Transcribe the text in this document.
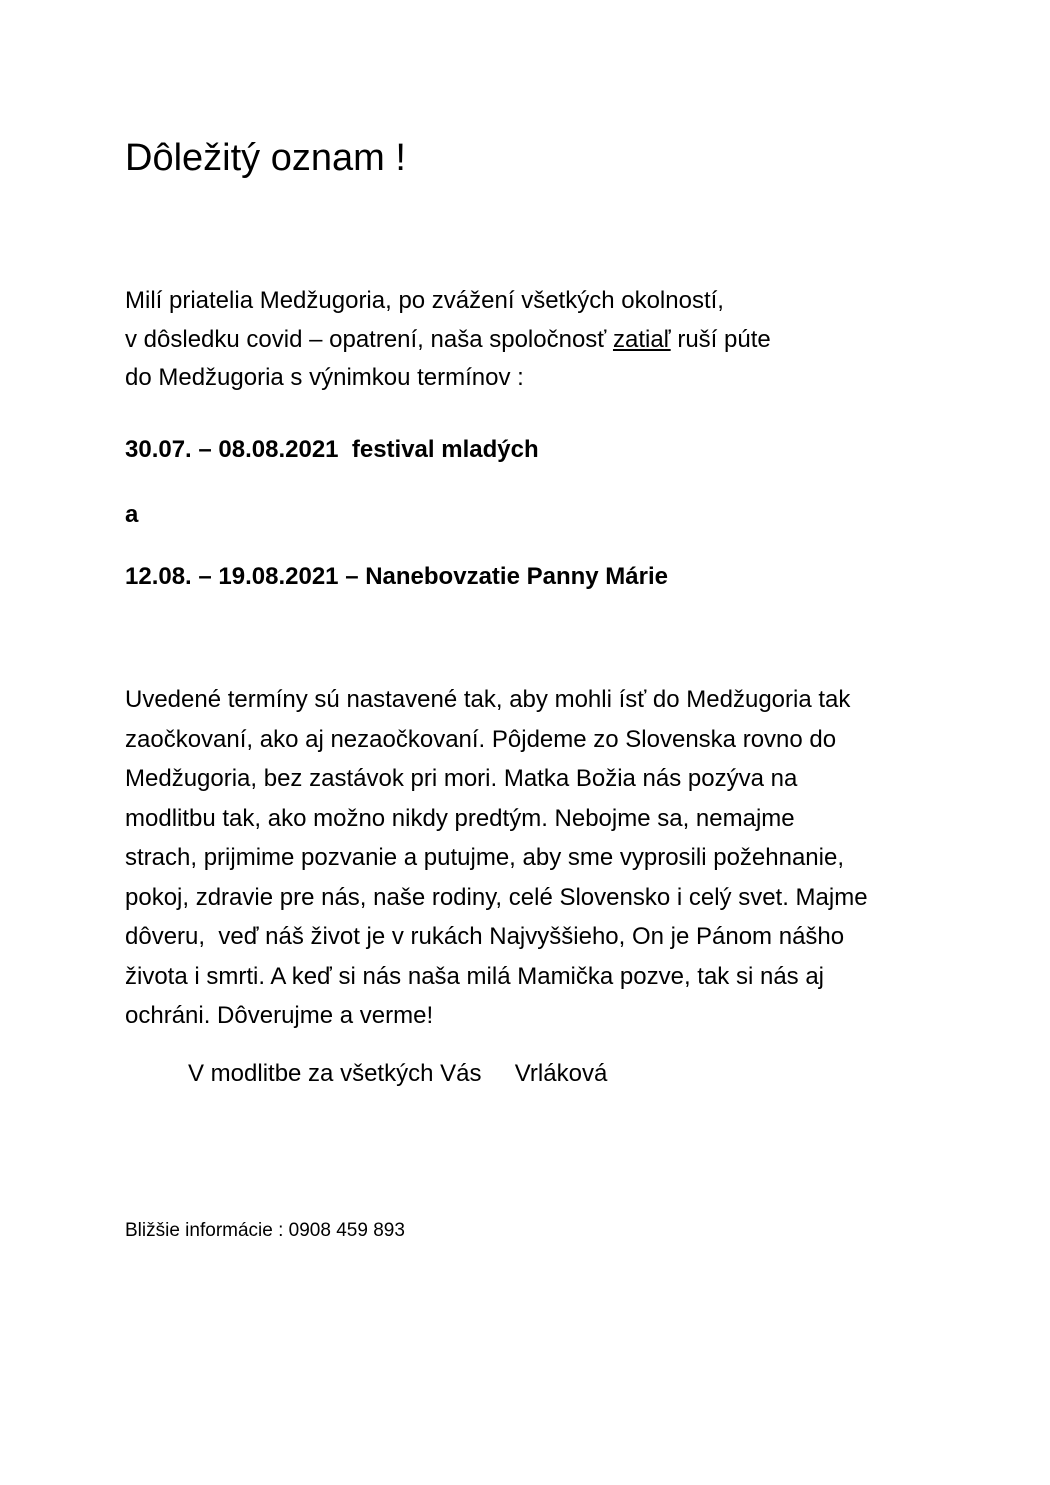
Dôležitý oznam !
Milí priatelia Medžugoria, po zvážení všetkých okolností,
v dôsledku covid – opatrení, naša spoločnosť zatiaľ ruší púte
do Medžugoria s výnimkou termínov :
30.07. – 08.08.2021  festival mladých
a
12.08. – 19.08.2021 – Nanebovzatie Panny Márie
Uvedené termíny sú nastavené tak, aby mohli ísť do Medžugoria tak
zaočkovaní, ako aj nezaočkovaní. Pôjdeme zo Slovenska rovno do
Medžugoria, bez zastávok pri mori. Matka Božia nás pozýva na
modlitbu tak, ako možno nikdy predtým. Nebojme sa, nemajme
strach, prijmime pozvanie a putujme, aby sme vyprosili požehnanie,
pokoj, zdravie pre nás, naše rodiny, celé Slovensko i celý svet. Majme
dôveru,  veď náš život je v rukách Najvyššieho, On je Pánom nášho
života i smrti. A keď si nás naša milá Mamička pozve, tak si nás aj
ochráni. Dôverujme a verme!
V modlitbe za všetkých Vás     Vrláková
Bližšie informácie : 0908 459 893
